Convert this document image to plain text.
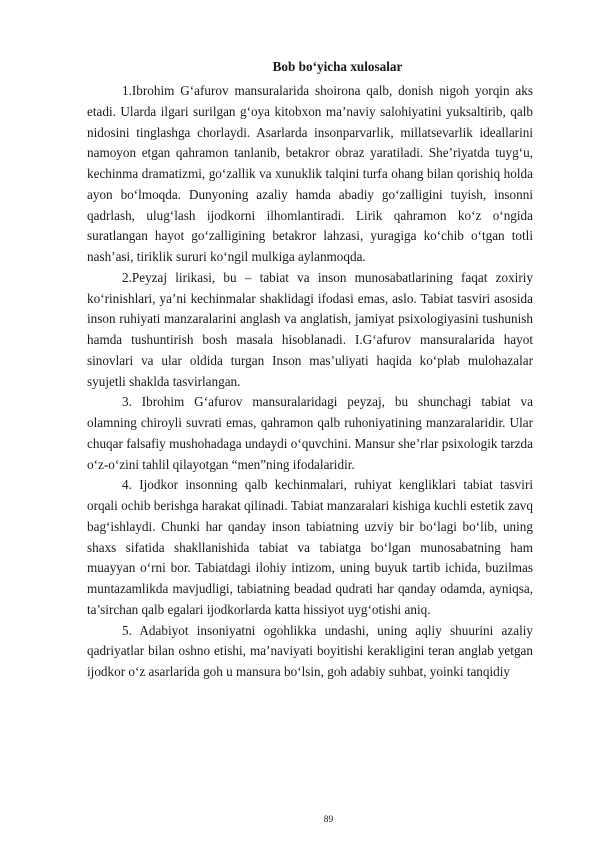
Bob bo‘yicha xulosalar

1.Ibrohim G‘afurov mansuralarida shoirona qalb, donish nigoh yorqin aks etadi. Ularda ilgari surilgan g‘oya kitobxon ma’naviy salohiyatini yuksaltirib, qalb nidosini tinglashga chorlaydi. Asarlarda insonparvarlik, millatsevarlik ideallarini namoyon etgan qahramon tanlanib, betakror obraz yaratiladi. She’riyatda tuyg‘u, kechinma dramatizmi, go‘zallik va xunuklik talqini turfa ohang bilan qorishiq holda ayon bo‘lmoqda. Dunyoning azaliy hamda abadiy go‘zalligini tuyish, insonni qadrlash, ulug‘lash ijodkorni ilhomlantiradi. Lirik qahramon ko‘z o‘ngida suratlangan hayot go‘zalligining betakror lahzasi, yuragiga ko‘chib o‘tgan totli nash’asi, tiriklik sururi ko‘ngil mulkiga aylanmoqda.

2.Peyzaj lirikasi, bu – tabiat va inson munosabatlarining faqat zoxiriy ko‘rinishlari, ya’ni kechinmalar shaklidagi ifodasi emas, aslo. Tabiat tasviri asosida inson ruhiyati manzaralarini anglash va anglatish, jamiyat psixologiyasini tushunish hamda tushuntirish bosh masala hisoblanadi. I.G‘afurov mansuralarida hayot sinovlari va ular oldida turgan Inson mas’uliyati haqida ko‘plab mulohazalar syujetli shaklda tasvirlangan.

3. Ibrohim G‘afurov mansuralaridagi peyzaj, bu shunchagi tabiat va olamning chiroyli suvrati emas, qahramon qalb ruhoniyatining manzaralaridir. Ular chuqar falsafiy mushohadaga undaydi o‘quvchini. Mansur she’rlar psixologik tarzda o‘z-o‘zini tahlil qilayotgan “men”ning ifodalaridir.

4. Ijodkor insonning qalb kechinmalari, ruhiyat kengliklari tabiat tasviri orqali ochib berishga harakat qilinadi. Tabiat manzaralari kishiga kuchli estetik zavq bag‘ishlaydi. Chunki har qanday inson tabiatning uzviy bir bo‘lagi bo‘lib, uning shaxs sifatida shakllanishida tabiat va tabiatga bo‘lgan munosabatning ham muayyan o‘rni bor. Tabiatdagi ilohiy intizom, uning buyuk tartib ichida, buzilmas muntazamlikda mavjudligi, tabiatning beadad qudrati har qanday odamda, ayniqsa, ta’sirchan qalb egalari ijodkorlarda katta hissiyot uyg‘otishi aniq.

5. Adabiyot insoniyatni ogohlikka undashi, uning aqliy shuurini azaliy qadriyatlar bilan oshno etishi, ma’naviyati boyitishi kerakligini teran anglab yetgan ijodkor o‘z asarlarida goh u mansura bo‘lsin, goh adabiy suhbat, yoinki tanqidiy

89
